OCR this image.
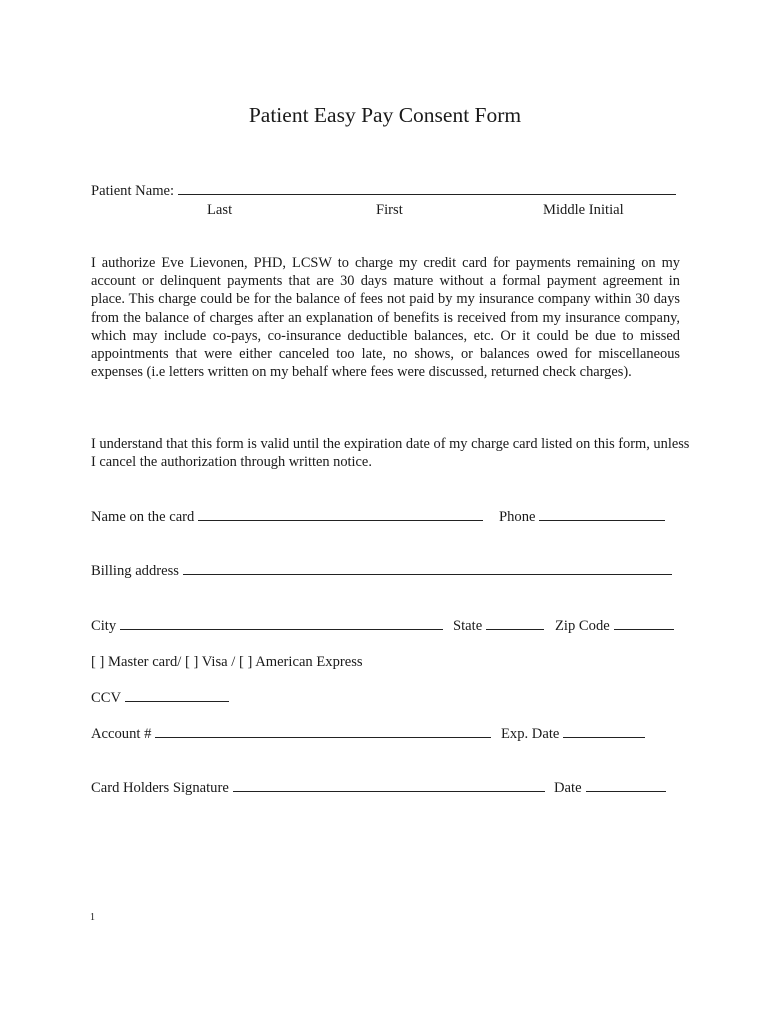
Patient Easy Pay Consent Form
Patient Name:
Last	First	Middle Initial
I authorize Eve Lievonen, PHD, LCSW to charge my credit card for payments remaining on my account or delinquent payments that are 30 days mature without a formal payment agreement in place. This charge could be for the balance of fees not paid by my insurance company within 30 days from the balance of charges after an explanation of benefits is received from my insurance company, which may include co-pays, co-insurance deductible balances, etc. Or it could be due to missed appointments that were either canceled too late, no shows, or balances owed for miscellaneous expenses (i.e letters written on my behalf where fees were discussed, returned check charges).
I understand that this form is valid until the expiration date of my charge card listed on this form, unless I cancel the authorization through written notice.
Name on the card	Phone
Billing address
City	State	Zip Code
[ ] Master card/ [ ] Visa / [ ] American Express
CCV
Account #	Exp. Date
Card Holders Signature	Date
1
